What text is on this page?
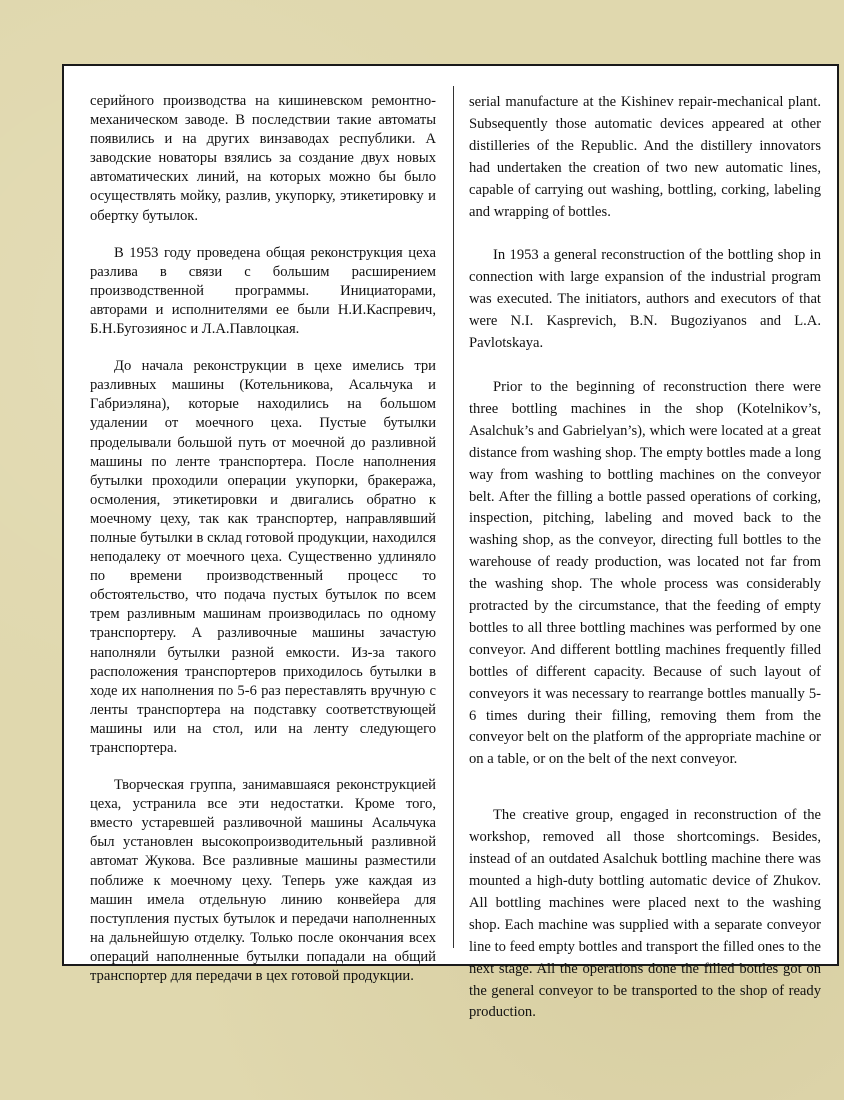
серийного производства на кишиневском ремонтно-механическом заводе. В последствии такие автоматы появились и на других винзаводах республики. А заводские новаторы взялись за создание двух новых автоматических линий, на которых можно бы было осуществлять мойку, разлив, укупорку, этикетировку и обертку бутылок.

В 1953 году проведена общая реконструкция цеха разлива в связи с большим расширением производственной программы. Инициаторами, авторами и исполнителями ее были Н.И.Каспревич, Б.Н.Бугозиянос и Л.А.Павлоцкая.

До начала реконструкции в цехе имелись три разливных машины (Котельникова, Асальчука и Габриэляна), которые находились на большом удалении от моечного цеха. Пустые бутылки проделывали большой путь от моечной до разливной машины по ленте транспортера. После наполнения бутылки проходили операции укупорки, бракеража, осмоления, этикетировки и двигались обратно к моечному цеху, так как транспортер, направлявший полные бутылки в склад готовой продукции, находился неподалеку от моечного цеха. Существенно удлиняло по времени производственный процесс то обстоятельство, что подача пустых бутылок по всем трем разливным машинам производилась по одному транспортеру. А разливочные машины зачастую наполняли бутылки разной емкости. Из-за такого расположения транспортеров приходилось бутылки в ходе их наполнения по 5-6 раз переставлять вручную с ленты транспортера на подставку соответствующей машины или на стол, или на ленту следующего транспортера.

Творческая группа, занимавшаяся реконструкцией цеха, устранила все эти недостатки. Кроме того, вместо устаревшей разливочной машины Асальчука был установлен высокопроизводительный разливной автомат Жукова. Все разливные машины разместили поближе к моечному цеху. Теперь уже каждая из машин имела отдельную линию конвейера для поступления пустых бутылок и передачи наполненных на дальнейшую отделку. Только после окончания всех операций наполненные бутылки попадали на общий транспортер для передачи в цех готовой продукции.

serial manufacture at the Kishinev repair-mechanical plant. Subsequently those automatic devices appeared at other distilleries of the Republic. And the distillery innovators had undertaken the creation of two new automatic lines, capable of carrying out washing, bottling, corking, labeling and wrapping of bottles.

In 1953 a general reconstruction of the bottling shop in connection with large expansion of the industrial program was executed. The initiators, authors and executors of that were N.I. Kasprevich, B.N. Bugoziyanos and L.A. Pavlotskaya.

Prior to the beginning of reconstruction there were three bottling machines in the shop (Kotelnikov’s, Asalchuk’s and Gabrielyan’s), which were located at a great distance from washing shop. The empty bottles made a long way from washing to bottling machines on the conveyor belt. After the filling a bottle passed operations of corking, inspection, pitching, labeling and moved back to the washing shop, as the conveyor, directing full bottles to the warehouse of ready production, was located not far from the washing shop. The whole process was considerably protracted by the circumstance, that the feeding of empty bottles to all three bottling machines was performed by one conveyor. And different bottling machines frequently filled bottles of different capacity. Because of such layout of conveyors it was necessary to rearrange bottles manually 5-6 times during their filling, removing them from the conveyor belt on the platform of the appropriate machine or on a table, or on the belt of the next conveyor.

The creative group, engaged in reconstruction of the workshop, removed all those shortcomings. Besides, instead of an outdated Asalchuk bottling machine there was mounted a high-duty bottling automatic device of Zhukov. All bottling machines were placed next to the washing shop. Each machine was supplied with a separate conveyor line to feed empty bottles and transport the filled ones to the next stage. All the operations done the filled bottles got on the general conveyor to be transported to the shop of ready production.
